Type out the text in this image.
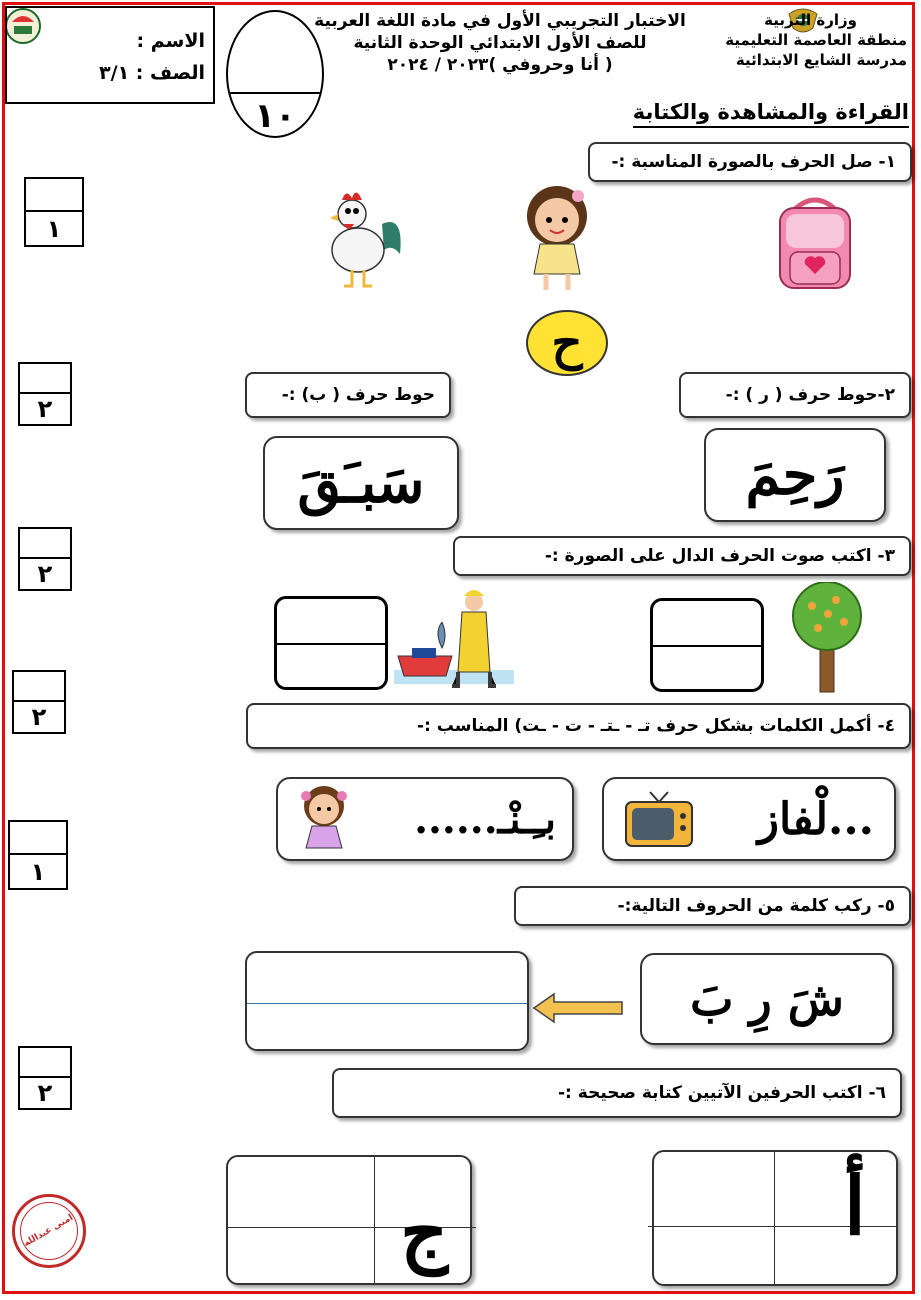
وزارة التربية
منطقة العاصمة التعليمية
مدرسة الشايع الابتدائية
الاختبار التجريبي الأول في مادة اللغة العربية
للصف الأول الابتدائي الوحدة الثانية
( أنا وحروفي )٢٠٢٣ / ٢٠٢٤
الاسم :
الصف : ٣/١
١٠	القراءة والمشاهدة والكتابة
١- صل الحرف بالصورة المناسبة :-
١
ح
٢	٢-حوط حرف ( ر ) :-
حوط حرف ( ب) :-
رَحِمَ
سَبـَقَ
٢
٣- اكتب صوت الحرف الدال على الصورة :-
٢	٤- أكمل الكلمات بشكل حرف تـ - ـتـ - ت - ـت) المناسب :-
...لْفاز
بـِـنْـ......
١
٥- ركب كلمة من الحروف التالية:-
شَ رِ بَ
٢	٦- اكتب الحرفين الآتيين كتابة صحيحة :-
أ
ج
امنى عبدالله
